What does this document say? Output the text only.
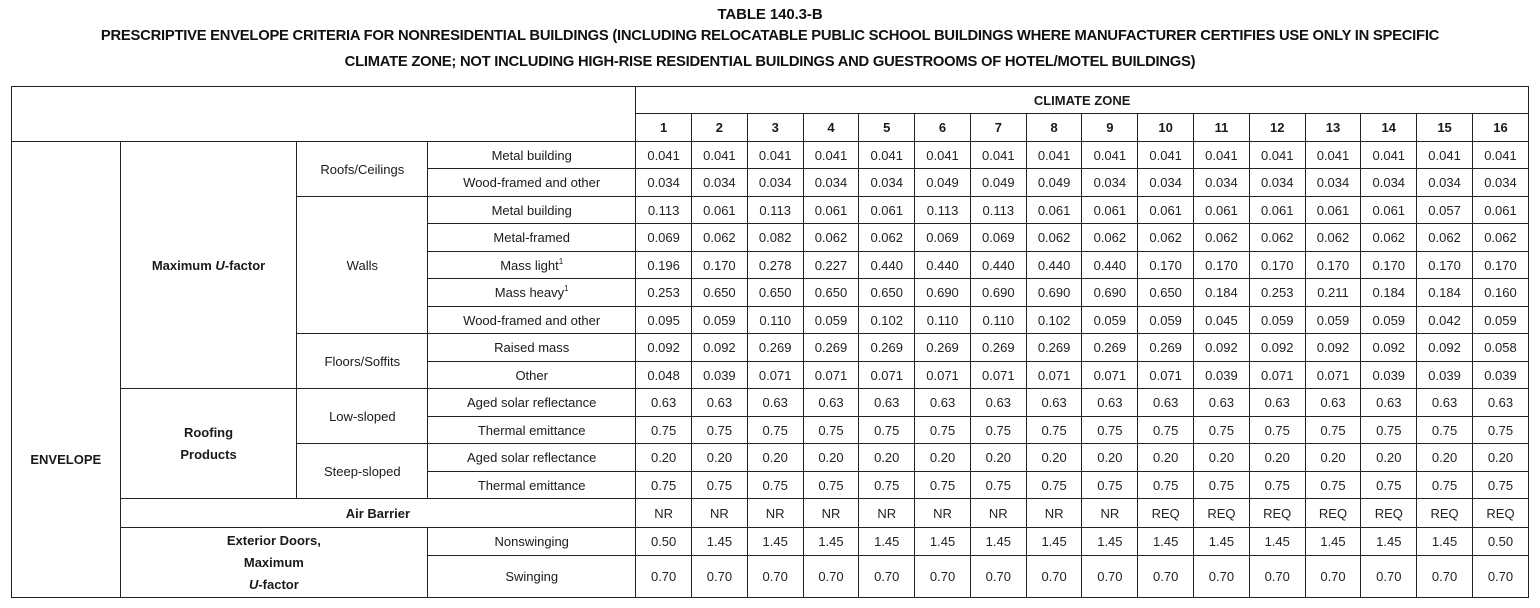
TABLE 140.3-B
PRESCRIPTIVE ENVELOPE CRITERIA FOR NONRESIDENTIAL BUILDINGS (INCLUDING RELOCATABLE PUBLIC SCHOOL BUILDINGS WHERE MANUFACTURER CERTIFIES USE ONLY IN SPECIFIC
CLIMATE ZONE; NOT INCLUDING HIGH-RISE RESIDENTIAL BUILDINGS AND GUESTROOMS OF HOTEL/MOTEL BUILDINGS)
				CLIMATE ZONE															
				1	2	3	4	5	6	7	8	9	10	11	12	13	14	15	16

ENVELOPE	Maximum U-factor	Roofs/Ceilings	Metal building	0.041	0.041	0.041	0.041	0.041	0.041	0.041	0.041	0.041	0.041	0.041	0.041	0.041	0.041	0.041	0.041
			Wood-framed and other	0.034	0.034	0.034	0.034	0.034	0.049	0.049	0.049	0.034	0.034	0.034	0.034	0.034	0.034	0.034	0.034
		Walls	Metal building	0.113	0.061	0.113	0.061	0.061	0.113	0.113	0.061	0.061	0.061	0.061	0.061	0.061	0.061	0.057	0.061
			Metal-framed	0.069	0.062	0.082	0.062	0.062	0.069	0.069	0.062	0.062	0.062	0.062	0.062	0.062	0.062	0.062	0.062
			Mass light$^1$	0.196	0.170	0.278	0.227	0.440	0.440	0.440	0.440	0.440	0.170	0.170	0.170	0.170	0.170	0.170	0.170
			Mass heavy$^1$	0.253	0.650	0.650	0.650	0.650	0.690	0.690	0.690	0.690	0.650	0.184	0.253	0.211	0.184	0.184	0.160
			Wood-framed and other	0.095	0.059	0.110	0.059	0.102	0.110	0.110	0.102	0.059	0.059	0.045	0.059	0.059	0.059	0.042	0.059
		Floors/Soffits	Raised mass	0.092	0.092	0.269	0.269	0.269	0.269	0.269	0.269	0.269	0.269	0.092	0.092	0.092	0.092	0.092	0.058
			Other	0.048	0.039	0.071	0.071	0.071	0.071	0.071	0.071	0.071	0.071	0.039	0.071	0.071	0.039	0.039	0.039

	Roofing
Products	Low-sloped	Aged solar reflectance	0.63	0.63	0.63	0.63	0.63	0.63	0.63	0.63	0.63	0.63	0.63	0.63	0.63	0.63	0.63	0.63
			Thermal emittance	0.75	0.75	0.75	0.75	0.75	0.75	0.75	0.75	0.75	0.75	0.75	0.75	0.75	0.75	0.75	0.75
		Steep-sloped	Aged solar reflectance	0.20	0.20	0.20	0.20	0.20	0.20	0.20	0.20	0.20	0.20	0.20	0.20	0.20	0.20	0.20	0.20
			Thermal emittance	0.75	0.75	0.75	0.75	0.75	0.75	0.75	0.75	0.75	0.75	0.75	0.75	0.75	0.75	0.75	0.75
	Air Barrier			NR	NR	NR	NR	NR	NR	NR	NR	NR	REQ	REQ	REQ	REQ	REQ	REQ	REQ

	Exterior Doors,
Maximum
U-factor		Nonswinging	0.50	1.45	1.45	1.45	1.45	1.45	1.45	1.45	1.45	1.45	1.45	1.45	1.45	1.45	1.45	0.50
			Swinging	0.70	0.70	0.70	0.70	0.70	0.70	0.70	0.70	0.70	0.70	0.70	0.70	0.70	0.70	0.70	0.70
